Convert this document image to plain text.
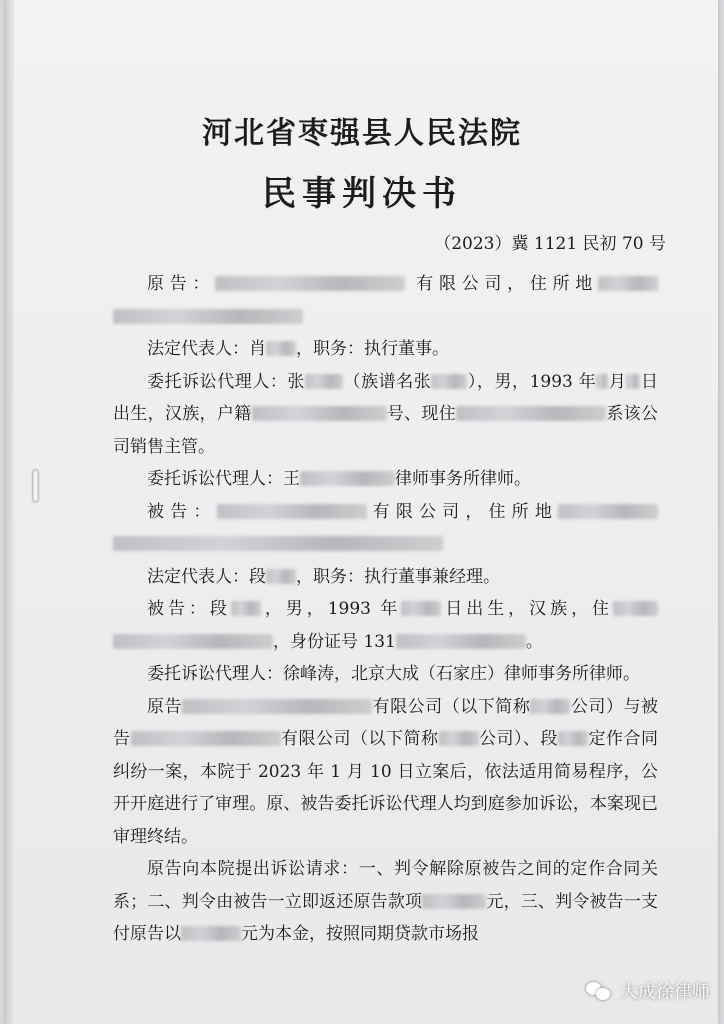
河北省枣强县人民法院
民事判决书
（2023）冀 1121 民初 70 号

原告：	有限公司，住所地

法定代表人：肖 ，职务：执行董事。

委托诉讼代理人：张 （族谱名张 ），男，1993 年 月 日出生，汉族，户籍	号、现住	系该公司销售主管。

委托诉讼代理人：王	律师事务所律师。

被告：	有限公司，住所地

法定代表人：段 ，职务：执行董事兼经理。

被告：段 ，男，1993 年 日出生，汉族，住 ，身份证号 131	。

委托诉讼代理人：徐峰涛，北京大成（石家庄）律师事务所律师。

原告	有限公司（以下简称 公司）与被告	有限公司（以下简称 公司）、段 定作合同纠纷一案，本院于 2023 年 1 月 10 日立案后，依法适用简易程序，公开开庭进行了审理。原、被告委托诉讼代理人均到庭参加诉讼，本案现已审理终结。

原告向本院提出诉讼请求：一、判令解除原被告之间的定作合同关系；二、判令由被告一立即返还原告款项	元，三、判令被告一支付原告以	元为本金，按照同期贷款市场报

大成徐律师
